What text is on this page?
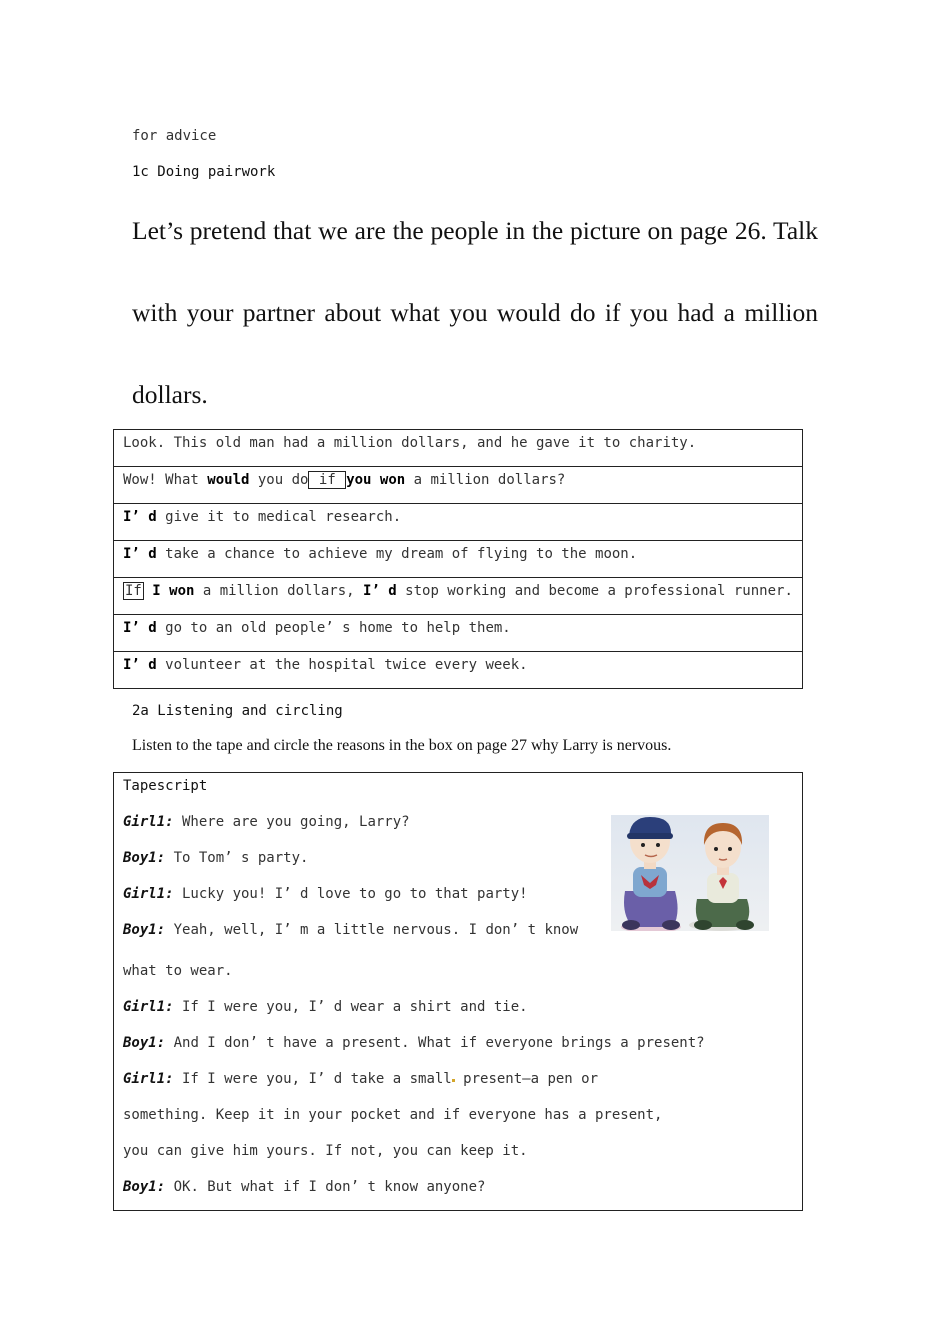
for advice
1c Doing pairwork
Let’s pretend that we are the people in the picture on page 26. Talk with your partner about what you would do if you had a million dollars.
Look. This old man had a million dollars, and he gave it to charity.
Wow! What would you do if you won a million dollars?
I’ d give it to medical research.
I’ d take a chance to achieve my dream of flying to the moon.
If I won a million dollars, I’ d stop working and become a professional runner.
I’ d go to an old people’ s home to help them.
I’ d volunteer at the hospital twice every week.
2a Listening and circling
Listen to the tape and circle the reasons in the box on page 27 why Larry is nervous.
Tapescript
Girl1: Where are you going, Larry?
Boy1: To Tom’ s party.
Girl1: Lucky you! I’ d love to go to that party!
Boy1: Yeah, well, I’ m a little nervous. I don’ t know
what to wear.
Girl1: If I were you, I’ d wear a shirt and tie.
Boy1: And I don’ t have a present. What if everyone brings a present?
Girl1: If I were you, I’ d take a small present—a pen or
something. Keep it in your pocket and if everyone has a present,
you can give him yours. If not, you can keep it.
Boy1: OK. But what if I don’ t know anyone?
